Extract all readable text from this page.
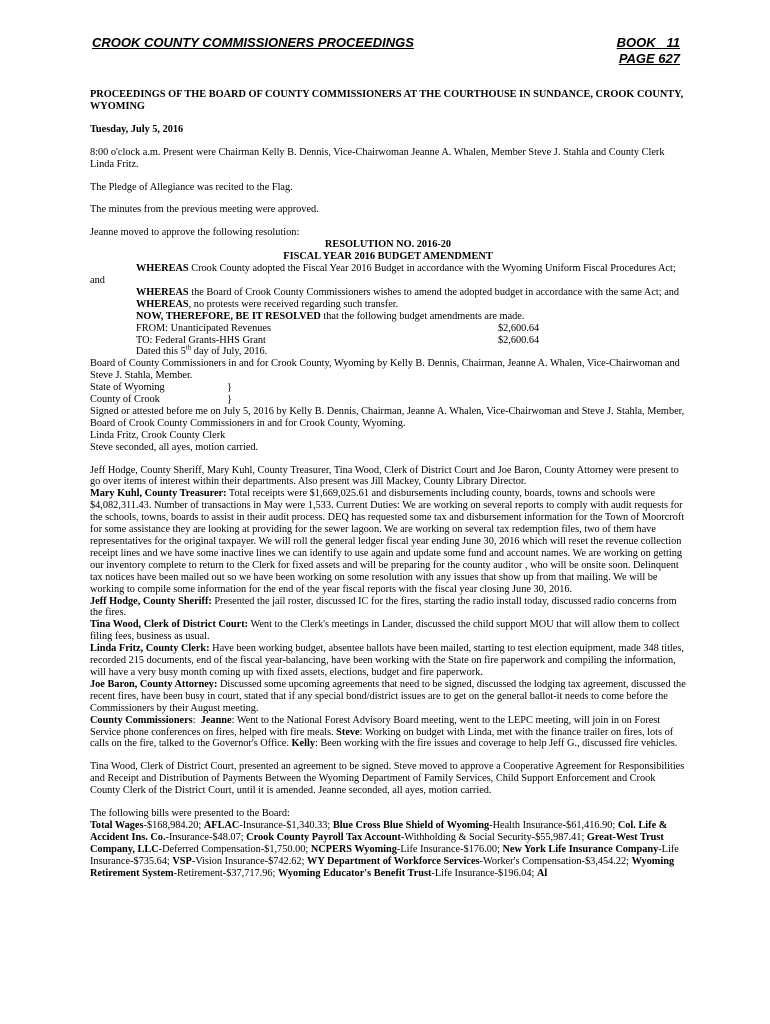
CROOK COUNTY COMMISSIONERS PROCEEDINGS	BOOK   11
PAGE 627

PROCEEDINGS OF THE BOARD OF COUNTY COMMISSIONERS AT THE COURTHOUSE IN SUNDANCE, CROOK COUNTY, WYOMING

Tuesday, July 5, 2016

8:00 o'clock a.m. Present were Chairman Kelly B. Dennis, Vice-Chairwoman Jeanne A. Whalen, Member Steve J. Stahla and County Clerk Linda Fritz.

The Pledge of Allegiance was recited to the Flag.

The minutes from the previous meeting were approved.

Jeanne moved to approve the following resolution:

RESOLUTION NO. 2016-20

FISCAL YEAR 2016 BUDGET AMENDMENT

WHEREAS Crook County adopted the Fiscal Year 2016 Budget in accordance with the Wyoming Uniform Fiscal Procedures Act; and

WHEREAS the Board of Crook County Commissioners wishes to amend the adopted budget in accordance with the same Act; and

WHEREAS, no protests were received regarding such transfer.

NOW, THEREFORE, BE IT RESOLVED that the following budget amendments are made.

FROM: Unanticipated Revenues	$2,600.64
TO: Federal Grants-HHS Grant	$2,600.64

Dated this 5th day of July, 2016.

Board of County Commissioners in and for Crook County, Wyoming by Kelly B. Dennis, Chairman, Jeanne A. Whalen, Vice-Chairwoman and Steve J. Stahla, Member.

State of Wyoming	}
County of Crook	}

Signed or attested before me on July 5, 2016 by Kelly B. Dennis, Chairman, Jeanne A. Whalen, Vice-Chairwoman and Steve J. Stahla, Member, Board of Crook County Commissioners in and for Crook County, Wyoming.

Linda Fritz, Crook County Clerk

Steve seconded, all ayes, motion carried.

Jeff Hodge, County Sheriff, Mary Kuhl, County Treasurer, Tina Wood, Clerk of District Court and Joe Baron, County Attorney were present to go over items of interest within their departments. Also present was Jill Mackey, County Library Director.

Mary Kuhl, County Treasurer: Total receipts were $1,669,025.61 and disbursements including county, boards, towns and schools were $4,082,311.43. Number of transactions in May were 1,533. Current Duties: We are working on several reports to comply with audit requests for the schools, towns, boards to assist in their audit process. DEQ has requested some tax and disbursement information for the Town of Moorcroft for some assistance they are looking at providing for the sewer lagoon. We are working on several tax redemption files, two of them have representatives for the original taxpayer. We will roll the general ledger fiscal year ending June 30, 2016 which will reset the revenue collection receipt lines and we have some inactive lines we can identify to use again and update some fund and account names. We are working on getting our inventory complete to return to the Clerk for fixed assets and will be preparing for the county auditor , who will be onsite soon. Delinquent tax notices have been mailed out so we have been working on some resolution with any issues that show up from that mailing. We will be working to compile some information for the end of the year fiscal reports with the fiscal year closing June 30, 2016.

Jeff Hodge, County Sheriff: Presented the jail roster, discussed IC for the fires, starting the radio install today, discussed radio concerns from the fires.

Tina Wood, Clerk of District Court: Went to the Clerk's meetings in Lander, discussed the child support MOU that will allow them to collect filing fees, business as usual.

Linda Fritz, County Clerk: Have been working budget, absentee ballots have been mailed, starting to test election equipment, made 348 titles, recorded 215 documents, end of the fiscal year-balancing, have been working with the State on fire paperwork and compiling the information, will have a very busy month coming up with fixed assets, elections, budget and fire paperwork.

Joe Baron, County Attorney: Discussed some upcoming agreements that need to be signed, discussed the lodging tax agreement, discussed the recent fires, have been busy in court, stated that if any special bond/district issues are to get on the general ballot-it needs to come before the Commissioners by their August meeting.

County Commissioners:  Jeanne: Went to the National Forest Advisory Board meeting, went to the LEPC meeting, will join in on Forest Service phone conferences on fires, helped with fire meals. Steve: Working on budget with Linda, met with the finance trailer on fires, lots of calls on the fire, talked to the Governor's Office. Kelly: Been working with the fire issues and coverage to help Jeff G., discussed fire vehicles.

Tina Wood, Clerk of District Court, presented an agreement to be signed. Steve moved to approve a Cooperative Agreement for Responsibilities and Receipt and Distribution of Payments Between the Wyoming Department of Family Services, Child Support Enforcement and Crook County Clerk of the District Court, until it is amended. Jeanne seconded, all ayes, motion carried.

The following bills were presented to the Board:

Total Wages-$168,984.20; AFLAC-Insurance-$1,340.33; Blue Cross Blue Shield of Wyoming-Health Insurance-$61,416.90; Col. Life & Accident Ins. Co.-Insurance-$48.07; Crook County Payroll Tax Account-Withholding & Social Security-$55,987.41; Great-West Trust Company, LLC-Deferred Compensation-$1,750.00; NCPERS Wyoming-Life Insurance-$176.00; New York Life Insurance Company-Life Insurance-$735.64; VSP-Vision Insurance-$742.62; WY Department of Workforce Services-Worker's Compensation-$3,454.22; Wyoming Retirement System-Retirement-$37,717.96; Wyoming Educator's Benefit Trust-Life Insurance-$196.04; Al
